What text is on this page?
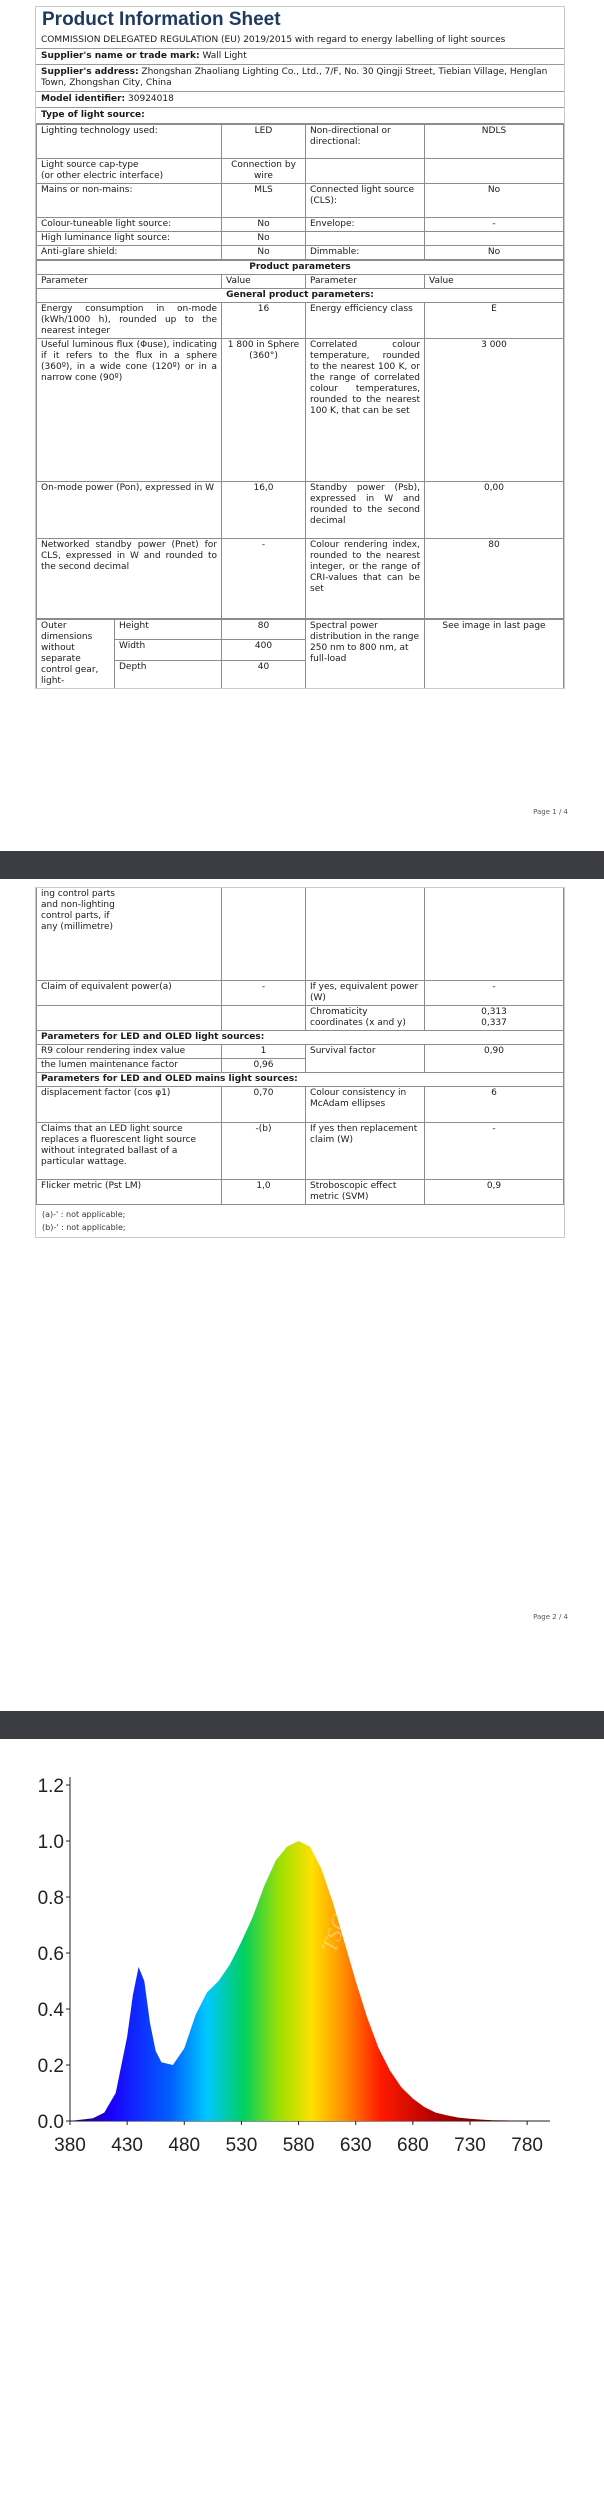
Product Information Sheet
COMMISSION DELEGATED REGULATION (EU) 2019/2015 with regard to energy labelling of light sources
Supplier's name or trade mark: Wall Light
Supplier's address: Zhongshan Zhaoliang Lighting Co., Ltd., 7/F, No. 30 Qingji Street, Tiebian Village, Henglan Town, Zhongshan City, China
Model identifier: 30924018
Type of light source:
Lighting technology used:	LED	Non-directional or directional:	NDLS
Light source cap-type
(or other electric interface)	Connection by wire		
Mains or non-mains:	MLS	Connected light source (CLS):	No
Colour-tuneable light source:	No	Envelope:	-
High luminance light source:	No		
Anti-glare shield:	No	Dimmable:	No
Product parameters			
Parameter	Value	Parameter	Value
General product parameters:			
Energy consumption in on-mode (kWh/1000 h), rounded up to the nearest integer	16	Energy efficiency class	E
Useful luminous flux (Φuse), indicating if it refers to the flux in a sphere (360º), in a wide cone (120º) or in a narrow cone (90º)	1 800 in Sphere (360°)	Correlated colour temperature, rounded to the nearest 100 K, or the range of correlated colour temperatures, rounded to the nearest 100 K, that can be set	3 000
On-mode power (Pon), expressed in W	16,0	Standby power (Psb), expressed in W and rounded to the second decimal	0,00
Networked standby power (Pnet) for CLS, expressed in W and rounded to the second decimal	-	Colour rendering index, rounded to the nearest integer, or the range of CRI-values that can be set	80
Outer dimensions without separate control gear, light-	Height	80	Spectral power distribution in the range 250 nm to 800 nm, at full-load	See image in last page
	Width	400		
	Depth	40		
Page 1 / 4
ing control parts and non-lighting control parts, if any (millimetre)			
Claim of equivalent power(a)	-	If yes, equivalent power (W)	-
		Chromaticity coordinates (x and y)	0,313
0,337
Parameters for LED and OLED light sources:			
R9 colour rendering index value	1	Survival factor	0,90
the lumen maintenance factor	0,96		
Parameters for LED and OLED mains light sources:			
displacement factor (cos φ1)	0,70	Colour consistency in McAdam ellipses	6
Claims that an LED light source replaces a fluorescent light source without integrated ballast of a particular wattage.	-(b)	If yes then replacement claim (W)	-
Flicker metric (Pst LM)	1,0	Stroboscopic effect metric (SVM)	0,9
(a)-' : not applicable;
(b)-' : not applicable;
Page 2 / 4
0.0
0.2
0.4
0.6
0.8
1.0
1.2
380 430 480 530 580 630 680 730 780
TSCK
TSCK	TSCK	TSCK
